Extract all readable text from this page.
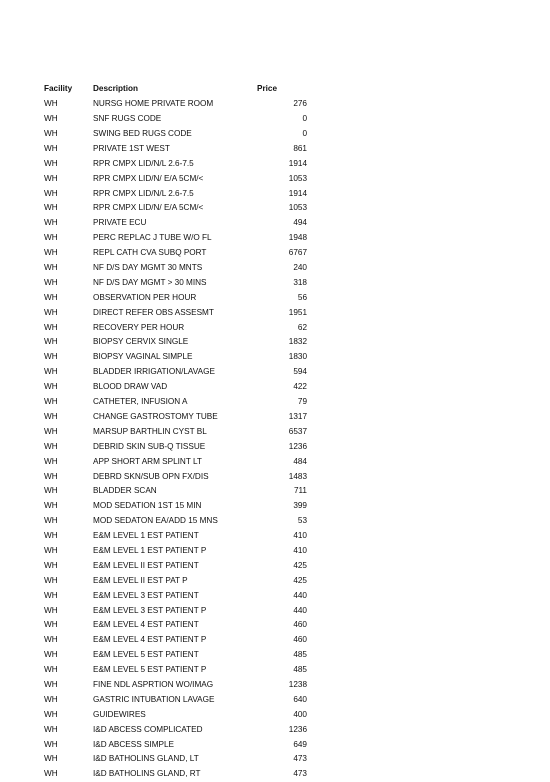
Facility	Description	Price
WH	NURSG HOME PRIVATE ROOM	276
WH	SNF RUGS CODE	0
WH	SWING BED RUGS CODE	0
WH	PRIVATE 1ST WEST	861
WH	RPR CMPX LID/N/L 2.6-7.5	1914
WH	RPR CMPX LID/N/ E/A 5CM/<	1053
WH	RPR CMPX LID/N/L 2.6-7.5	1914
WH	RPR CMPX LID/N/ E/A 5CM/<	1053
WH	PRIVATE ECU	494
WH	PERC REPLAC J TUBE W/O FL	1948
WH	REPL CATH CVA SUBQ PORT	6767
WH	NF D/S DAY MGMT 30 MNTS	240
WH	NF D/S DAY MGMT > 30 MINS	318
WH	OBSERVATION PER HOUR	56
WH	DIRECT REFER OBS ASSESMT	1951
WH	RECOVERY PER HOUR	62
WH	BIOPSY CERVIX SINGLE	1832
WH	BIOPSY VAGINAL SIMPLE	1830
WH	BLADDER IRRIGATION/LAVAGE	594
WH	BLOOD DRAW VAD	422
WH	CATHETER, INFUSION A	79
WH	CHANGE GASTROSTOMY TUBE	1317
WH	MARSUP BARTHLIN CYST BL	6537
WH	DEBRID SKIN SUB-Q TISSUE	1236
WH	APP SHORT ARM SPLINT LT	484
WH	DEBRD SKN/SUB OPN FX/DIS	1483
WH	BLADDER SCAN	711
WH	MOD SEDATION 1ST 15 MIN	399
WH	MOD SEDATON EA/ADD 15 MNS	53
WH	E&M LEVEL 1 EST PATIENT	410
WH	E&M LEVEL 1 EST PATIENT P	410
WH	E&M LEVEL II EST PATIENT	425
WH	E&M LEVEL II EST PAT P	425
WH	E&M LEVEL 3 EST PATIENT	440
WH	E&M LEVEL 3 EST PATIENT P	440
WH	E&M LEVEL 4 EST PATIENT	460
WH	E&M LEVEL 4 EST PATIENT P	460
WH	E&M LEVEL 5 EST PATIENT	485
WH	E&M LEVEL 5 EST PATIENT P	485
WH	FINE NDL ASPRTION WO/IMAG	1238
WH	GASTRIC INTUBATION LAVAGE	640
WH	GUIDEWIRES	400
WH	I&D ABCESS COMPLICATED	1236
WH	I&D ABCESS SIMPLE	649
WH	I&D BATHOLINS GLAND, LT	473
WH	I&D BATHOLINS GLAND, RT	473
